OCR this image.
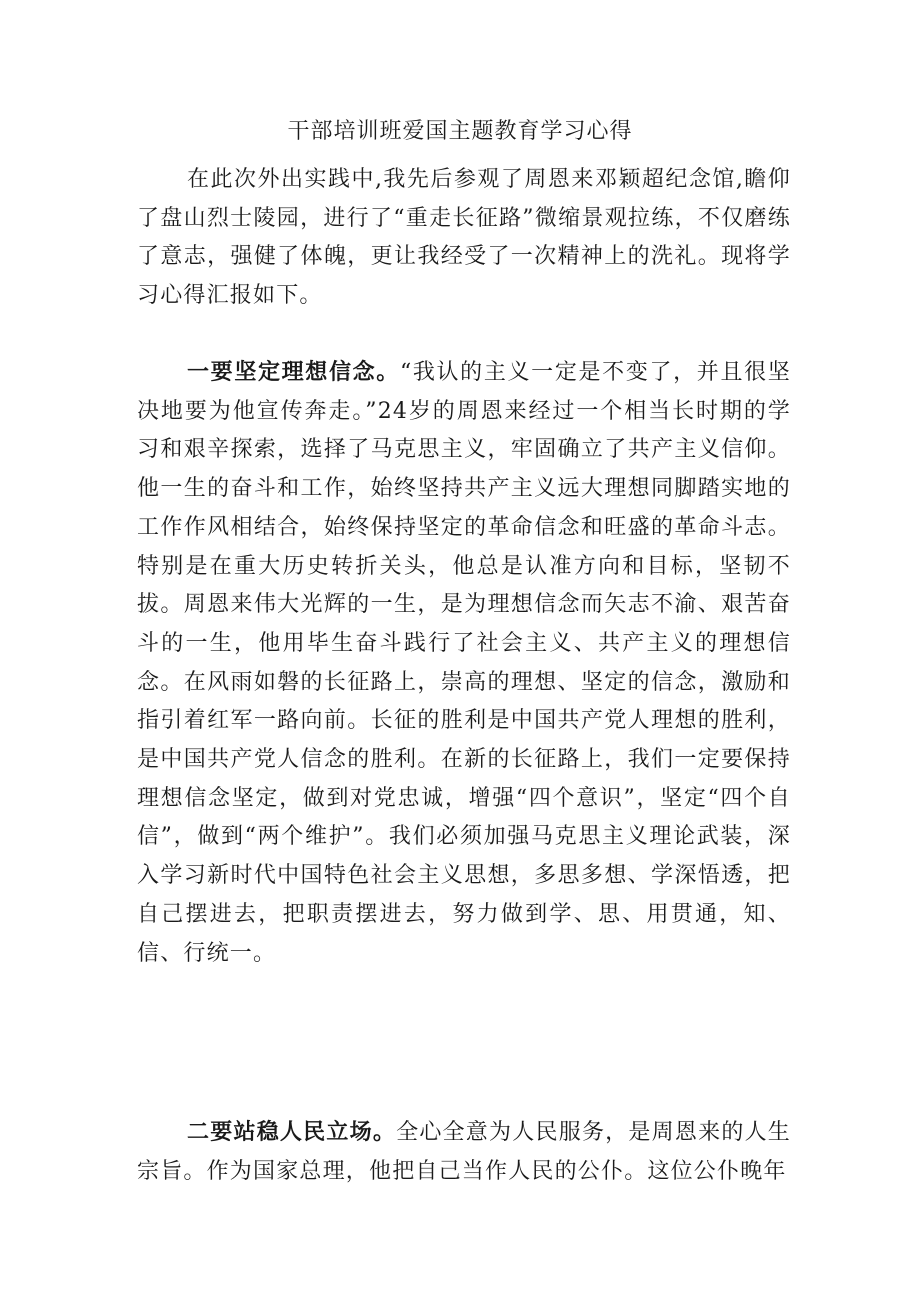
干部培训班爱国主题教育学习心得

在此次外出实践中,我先后参观了周恩来邓颖超纪念馆,瞻仰了盘山烈士陵园，进行了“重走长征路”微缩景观拉练，不仅磨练了意志，强健了体魄，更让我经受了一次精神上的洗礼。现将学习心得汇报如下。

一要坚定理想信念。“我认的主义一定是不变了，并且很坚决地要为他宣传奔走。”24岁的周恩来经过一个相当长时期的学习和艰辛探索，选择了马克思主义，牢固确立了共产主义信仰。他一生的奋斗和工作，始终坚持共产主义远大理想同脚踏实地的工作作风相结合，始终保持坚定的革命信念和旺盛的革命斗志。特别是在重大历史转折关头，他总是认准方向和目标，坚韧不拔。周恩来伟大光辉的一生，是为理想信念而矢志不渝、艰苦奋斗的一生，他用毕生奋斗践行了社会主义、共产主义的理想信念。在风雨如磐的长征路上，崇高的理想、坚定的信念，激励和指引着红军一路向前。长征的胜利是中国共产党人理想的胜利，是中国共产党人信念的胜利。在新的长征路上，我们一定要保持理想信念坚定，做到对党忠诚，增强“四个意识”，坚定“四个自信”，做到“两个维护”。我们必须加强马克思主义理论武装，深入学习新时代中国特色社会主义思想，多思多想、学深悟透，把自己摆进去，把职责摆进去，努力做到学、思、用贯通，知、信、行统一。

二要站稳人民立场。全心全意为人民服务，是周恩来的人生宗旨。作为国家总理，他把自己当作人民的公仆。这位公仆晚年
